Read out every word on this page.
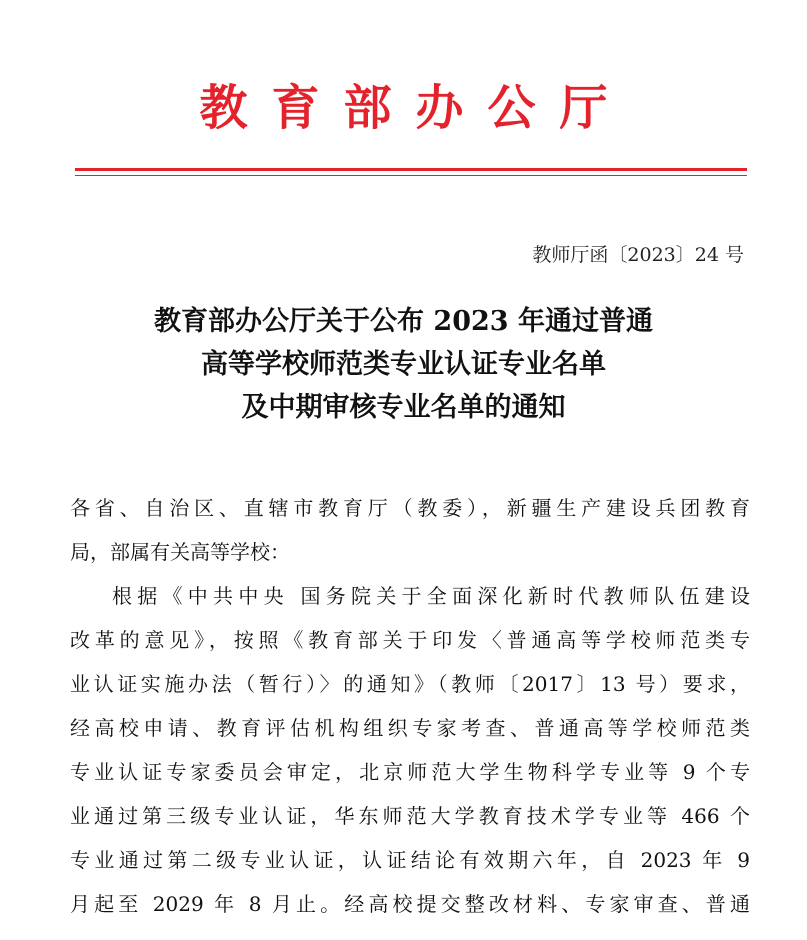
教育部办公厅
教师厅函〔2023〕24 号
教育部办公厅关于公布 2023 年通过普通
高等学校师范类专业认证专业名单
及中期审核专业名单的通知
各省、自治区、直辖市教育厅（教委），新疆生产建设兵团教育
局，部属有关高等学校：
根据《中共中央 国务院关于全面深化新时代教师队伍建设
改革的意见》，按照《教育部关于印发〈普通高等学校师范类专
业认证实施办法（暂行）〉的通知》（教师〔2017〕13 号）要求，
经高校申请、教育评估机构组织专家考查、普通高等学校师范类
专业认证专家委员会审定，北京师范大学生物科学专业等 9 个专
业通过第三级专业认证，华东师范大学教育技术学专业等 466 个
专业通过第二级专业认证，认证结论有效期六年，自 2023 年 9
月起至 2029 年 8 月止。经高校提交整改材料、专家审查、普通
